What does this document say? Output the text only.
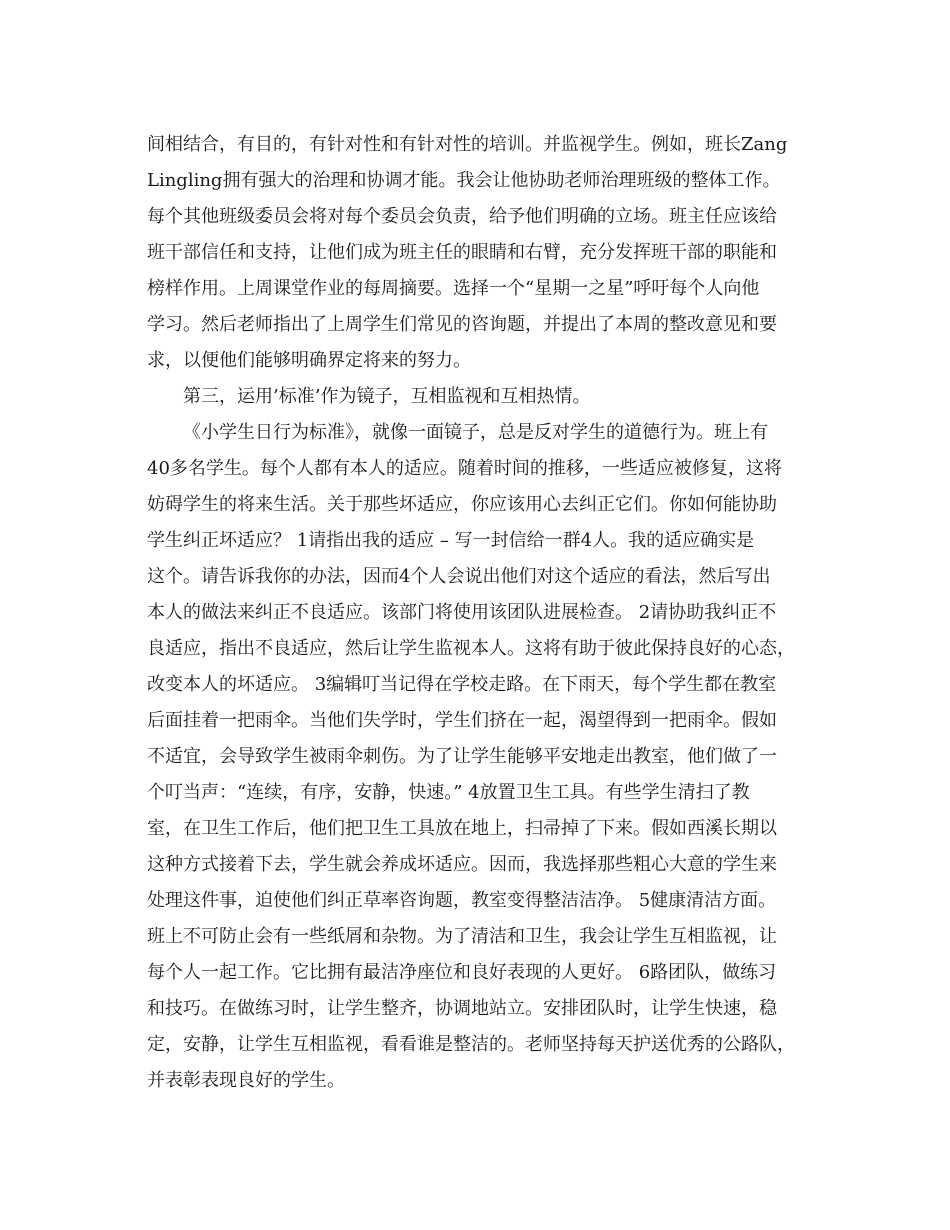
间相结合，有目的，有针对性和有针对性的培训。并监视学生。例如，班长Zang
Lingling拥有强大的治理和协调才能。我会让他协助老师治理班级的整体工作。
每个其他班级委员会将对每个委员会负责，给予他们明确的立场。班主任应该给
班干部信任和支持，让他们成为班主任的眼睛和右臂，充分发挥班干部的职能和
榜样作用。上周课堂作业的每周摘要。选择一个“星期一之星”呼吁每个人向他
学习。然后老师指出了上周学生们常见的咨询题，并提出了本周的整改意见和要
求，以便他们能够明确界定将来的努力。
第三，运用’标准’作为镜子，互相监视和互相热情。
《小学生日行为标准》，就像一面镜子，总是反对学生的道德行为。班上有
40多名学生。每个人都有本人的适应。随着时间的推移，一些适应被修复，这将
妨碍学生的将来生活。关于那些坏适应，你应该用心去纠正它们。你如何能协助
学生纠正坏适应？ 1请指出我的适应 – 写一封信给一群4人。我的适应确实是
这个。请告诉我你的办法，因而4个人会说出他们对这个适应的看法，然后写出
本人的做法来纠正不良适应。该部门将使用该团队进展检查。 2请协助我纠正不
良适应，指出不良适应，然后让学生监视本人。这将有助于彼此保持良好的心态，
改变本人的坏适应。 3编辑叮当记得在学校走路。在下雨天，每个学生都在教室
后面挂着一把雨伞。当他们失学时，学生们挤在一起，渴望得到一把雨伞。假如
不适宜，会导致学生被雨伞刺伤。为了让学生能够平安地走出教室，他们做了一
个叮当声：“连续，有序，安静，快速。” 4放置卫生工具。有些学生清扫了教
室，在卫生工作后，他们把卫生工具放在地上，扫帚掉了下来。假如西溪长期以
这种方式接着下去，学生就会养成坏适应。因而，我选择那些粗心大意的学生来
处理这件事，迫使他们纠正草率咨询题，教室变得整洁洁净。 5健康清洁方面。
班上不可防止会有一些纸屑和杂物。为了清洁和卫生，我会让学生互相监视，让
每个人一起工作。它比拥有最洁净座位和良好表现的人更好。 6路团队，做练习
和技巧。在做练习时，让学生整齐，协调地站立。安排团队时，让学生快速，稳
定，安静，让学生互相监视，看看谁是整洁的。老师坚持每天护送优秀的公路队，
并表彰表现良好的学生。
